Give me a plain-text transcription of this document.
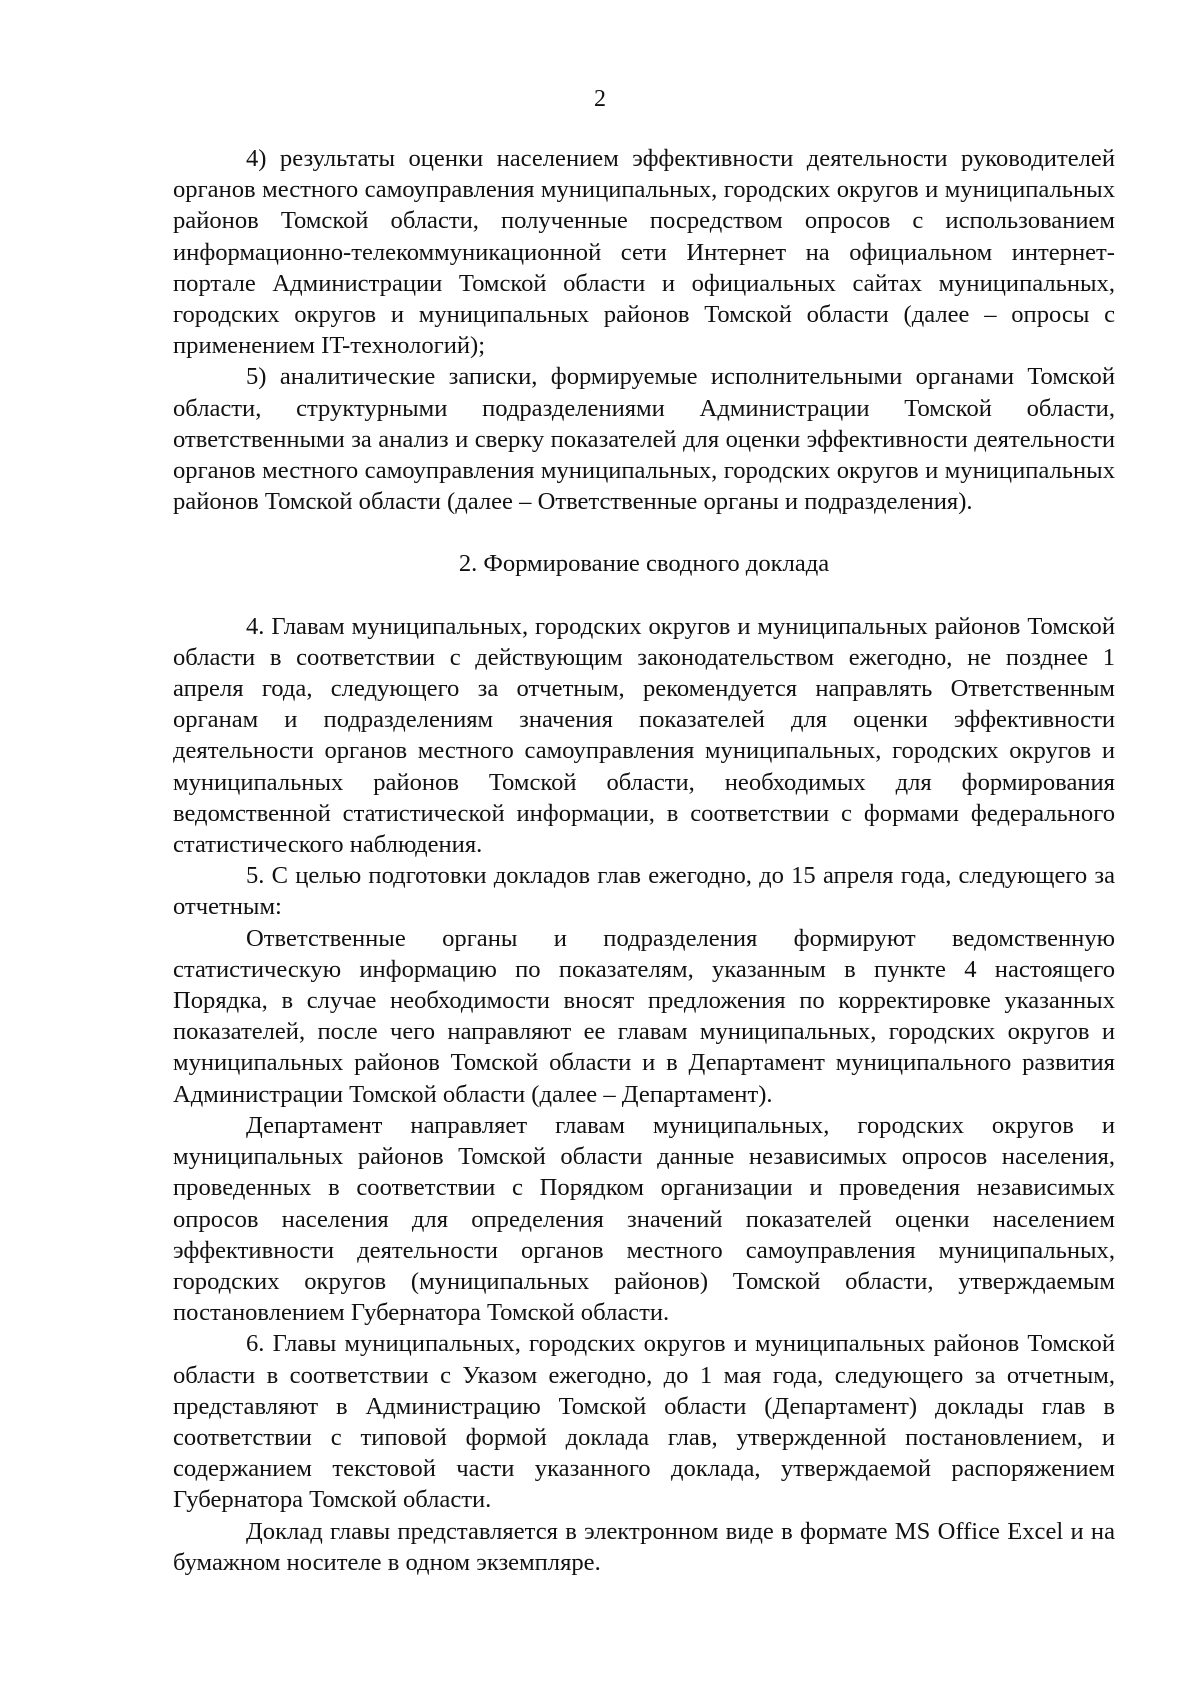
2

4) результаты оценки населением эффективности деятельности руководителей органов местного самоуправления муниципальных, городских округов и муниципальных районов Томской области, полученные посредством опросов с использованием информационно-телекоммуникационной сети Интернет на официальном интернет-портале Администрации Томской области и официальных сайтах муниципальных, городских округов и муниципальных районов Томской области (далее – опросы с применением IT-технологий);

5) аналитические записки, формируемые исполнительными органами Томской области, структурными подразделениями Администрации Томской области, ответственными за анализ и сверку показателей для оценки эффективности деятельности органов местного самоуправления муниципальных, городских округов и муниципальных районов Томской области (далее – Ответственные органы и подразделения).

2. Формирование сводного доклада

4. Главам муниципальных, городских округов и муниципальных районов Томской области в соответствии с действующим законодательством ежегодно, не позднее 1 апреля года, следующего за отчетным, рекомендуется направлять Ответственным органам и подразделениям значения показателей для оценки эффективности деятельности органов местного самоуправления муниципальных, городских округов и муниципальных районов Томской области, необходимых для формирования ведомственной статистической информации, в соответствии с формами федерального статистического наблюдения.

5. С целью подготовки докладов глав ежегодно, до 15 апреля года, следующего за отчетным:

Ответственные органы и подразделения формируют ведомственную статистическую информацию по показателям, указанным в пункте 4 настоящего Порядка, в случае необходимости вносят предложения по корректировке указанных показателей, после чего направляют ее главам муниципальных, городских округов и муниципальных районов Томской области и в Департамент муниципального развития Администрации Томской области (далее – Департамент).

Департамент направляет главам муниципальных, городских округов и муниципальных районов Томской области данные независимых опросов населения, проведенных в соответствии с Порядком организации и проведения независимых опросов населения для определения значений показателей оценки населением эффективности деятельности органов местного самоуправления муниципальных, городских округов (муниципальных районов) Томской области, утверждаемым постановлением Губернатора Томской области.

6. Главы муниципальных, городских округов и муниципальных районов Томской области в соответствии с Указом ежегодно, до 1 мая года, следующего за отчетным, представляют в Администрацию Томской области (Департамент) доклады глав в соответствии с типовой формой доклада глав, утвержденной постановлением, и содержанием текстовой части указанного доклада, утверждаемой распоряжением Губернатора Томской области.

Доклад главы представляется в электронном виде в формате MS Office Excel и на бумажном носителе в одном экземпляре.
